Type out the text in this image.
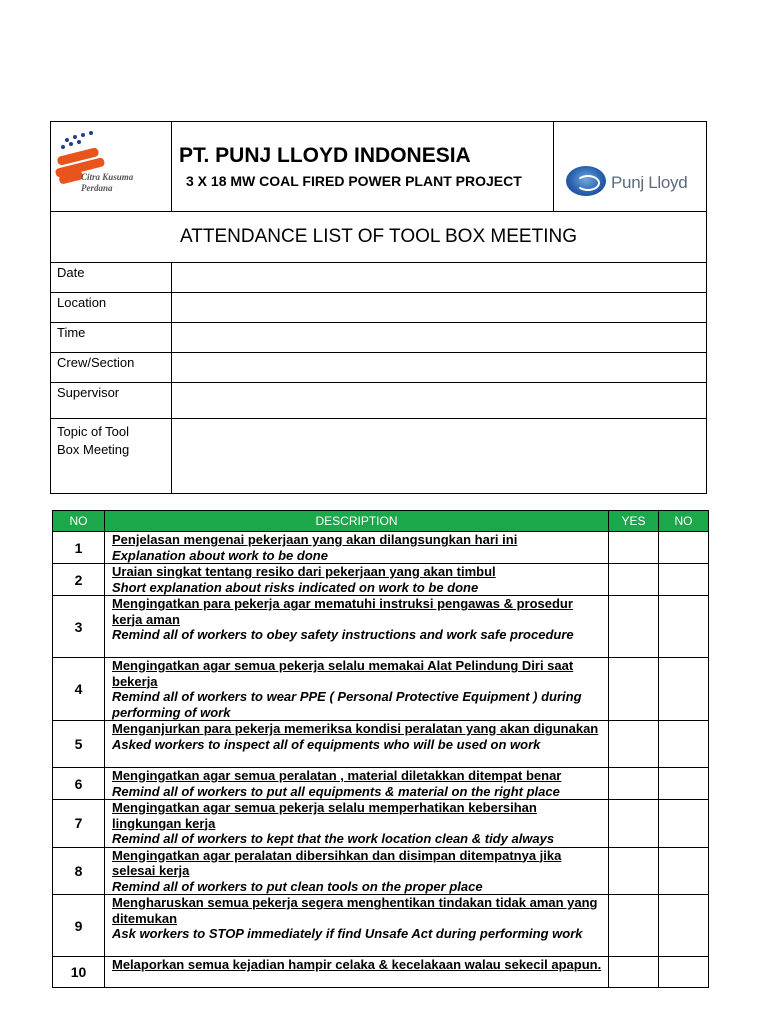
Citra Kusuma
Perdana
PT. PUNJ LLOYD INDONESIA
3 X 18 MW COAL FIRED POWER PLANT PROJECT	Punj Lloyd
ATTENDANCE LIST OF TOOL BOX MEETING
Date
Location
Time
Crew/Section
Supervisor
Topic of Tool
Box Meeting
NO	DESCRIPTION	YES	NO
1	Penjelasan mengenai pekerjaan yang akan dilangsungkan hari ini
Explanation about work to be done		

2	Uraian singkat tentang resiko dari pekerjaan yang akan timbul
Short explanation about risks indicated on work to be done		

3	Mengingatkan para pekerja agar mematuhi instruksi pengawas & prosedur kerja aman
Remind all of workers to obey safety instructions and work safe procedure		

4	Mengingatkan agar semua pekerja selalu memakai Alat Pelindung Diri saat bekerja
Remind all of workers to wear PPE ( Personal Protective Equipment ) during performing of work		

5	Menganjurkan para pekerja memeriksa kondisi peralatan yang akan digunakan
Asked workers to inspect all of equipments who will be used on work		

6	Mengingatkan agar semua peralatan , material diletakkan ditempat benar
Remind all of workers to put all equipments & material on the right place		

7	Mengingatkan agar semua pekerja selalu memperhatikan kebersihan lingkungan kerja
Remind all of workers to kept that the work location clean & tidy always		

8	Mengingatkan agar peralatan dibersihkan dan disimpan ditempatnya jika selesai kerja
Remind all of workers to put clean tools on the proper place		

9	Mengharuskan semua pekerja segera menghentikan tindakan tidak aman yang ditemukan
Ask workers to STOP immediately if find Unsafe Act during performing work		

10	Melaporkan semua kejadian hampir celaka & kecelakaan walau sekecil apapun.		
